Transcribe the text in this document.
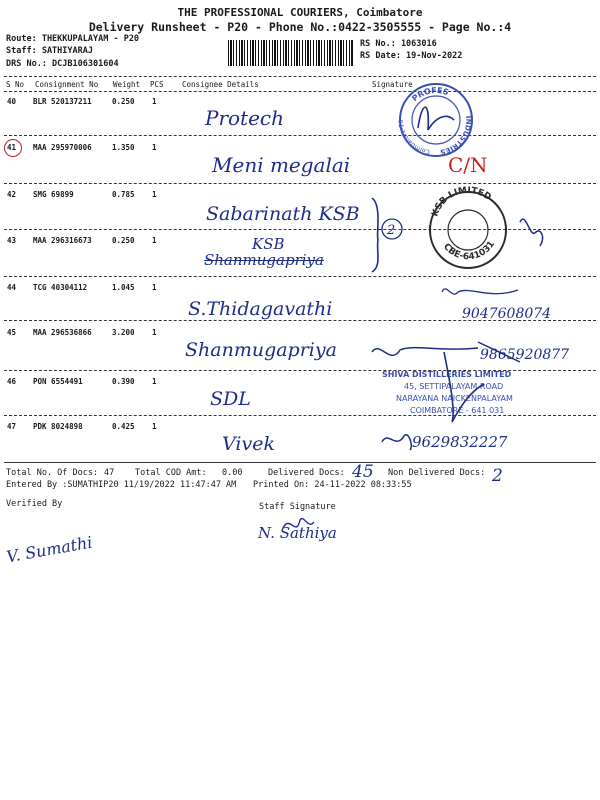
THE PROFESSIONAL COURIERS, Coimbatore
Delivery Runsheet - P20 - Phone No.:0422-3505555 - Page No.:4
Route: THEKKUPALAYAM - P20
Staff: SATHIYARAJ
DRS No.: DCJB106301604
RS No.: 1063016
RS Date: 19-Nov-2022
S No Consignment No Weight PCS Consignee Details	Signature
40 BLR 520137211	0.250 1
Protech
41 MAA 295970006	1.350 1
Meni megalai	C/N
42 SMG 69899	0.785 1
Sabarinath KSB
43 MAA 296316673	0.250 1	KSB
Shanmugapriya
44 TCG 40304112	1.045 1
S.Thidagavathi	9047608074
45 MAA 296536866	3.200 1
Shanmugapriya	9865920877
46 PON 6554491	0.390 1
SDL
47 PDK 8024898	0.425 1
Vivek	9629832227
PROFES
INDUSTRIES
Coimbatore-20
2
KSB LIMITED
CBE-641031
SHIVA DISTILLERIES LIMITED
45, SETTIPALAYAM ROAD
NARAYANA NAICKENPALAYAM
COIMBATORE - 641 031
Total No. Of Docs: 47 Total COD Amt: 0.00	Delivered Docs: 45 Non Delivered Docs: 2
Entered By :SUMATHIP20 11/19/2022 11:47:47 AM Printed On: 24-11-2022 08:33:55
Verified By	Staff Signature
V. Sumathi	N. Sathiya
